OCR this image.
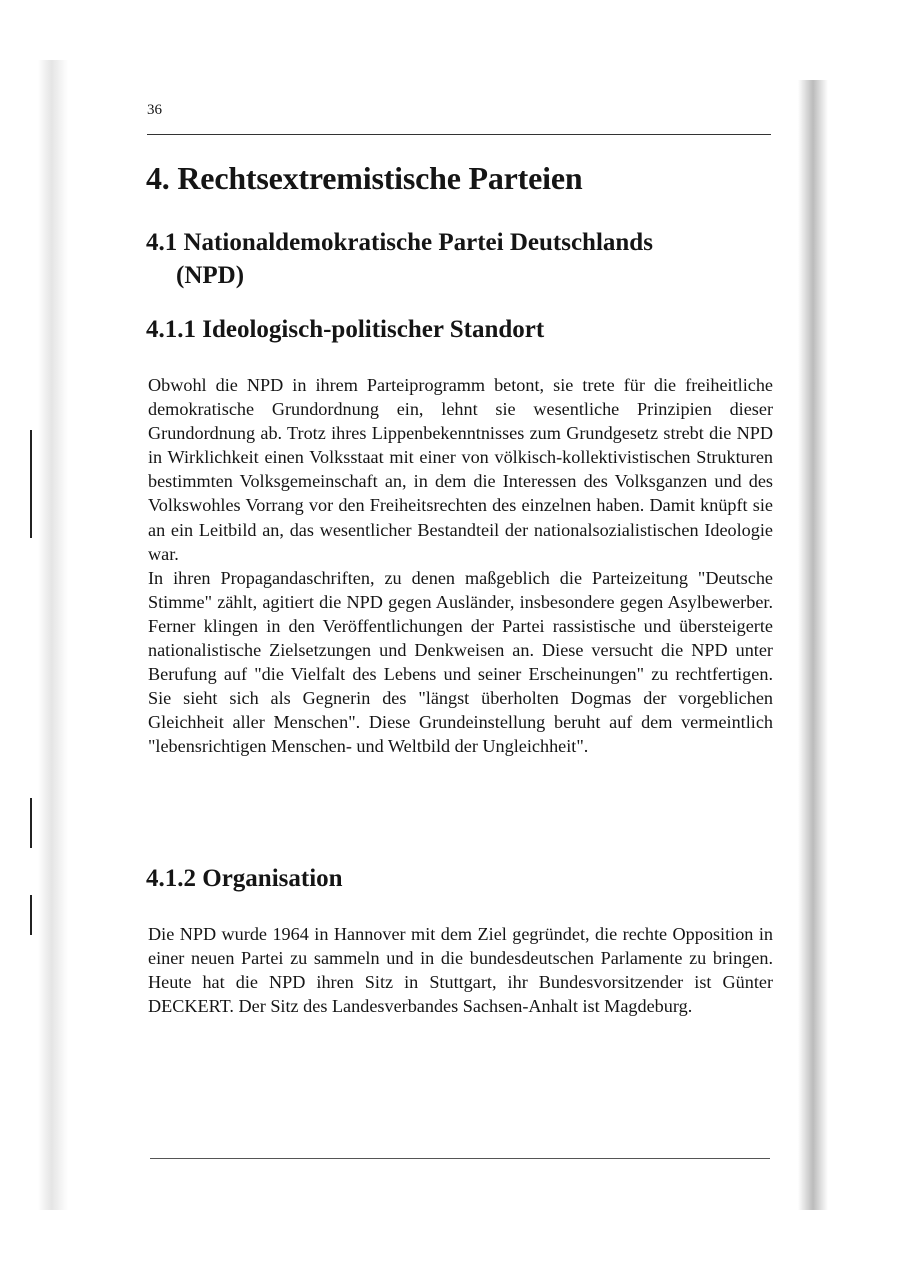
36
4. Rechtsextremistische Parteien
4.1 Nationaldemokratische Partei Deutschlands
(NPD)
4.1.1 Ideologisch-politischer Standort

Obwohl die NPD in ihrem Parteiprogramm betont, sie trete für die freiheitliche demokratische Grundordnung ein, lehnt sie wesentliche Prinzipien dieser Grundordnung ab. Trotz ihres Lippenbekenntnisses zum Grundgesetz strebt die NPD in Wirklichkeit einen Volksstaat mit einer von völkisch-kollektivistischen Strukturen bestimmten Volksgemeinschaft an, in dem die Interessen des Volksganzen und des Volkswohles Vorrang vor den Freiheitsrechten des einzelnen haben. Damit knüpft sie an ein Leitbild an, das wesentlicher Bestandteil der nationalsozialistischen Ideologie war.

In ihren Propagandaschriften, zu denen maßgeblich die Parteizeitung "Deutsche Stimme" zählt, agitiert die NPD gegen Ausländer, insbesondere gegen Asylbewerber. Ferner klingen in den Veröffentlichungen der Partei rassistische und übersteigerte nationalistische Zielsetzungen und Denkweisen an. Diese versucht die NPD unter Berufung auf "die Vielfalt des Lebens und seiner Erscheinungen" zu rechtfertigen. Sie sieht sich als Gegnerin des "längst überholten Dogmas der vorgeblichen Gleichheit aller Menschen". Diese Grundeinstellung beruht auf dem vermeintlich "lebensrichtigen Menschen- und Weltbild der Ungleichheit".

4.1.2 Organisation

Die NPD wurde 1964 in Hannover mit dem Ziel gegründet, die rechte Opposition in einer neuen Partei zu sammeln und in die bundesdeutschen Parlamente zu bringen. Heute hat die NPD ihren Sitz in Stuttgart, ihr Bundesvorsitzender ist Günter DECKERT. Der Sitz des Landesverbandes Sachsen-Anhalt ist Magdeburg.
